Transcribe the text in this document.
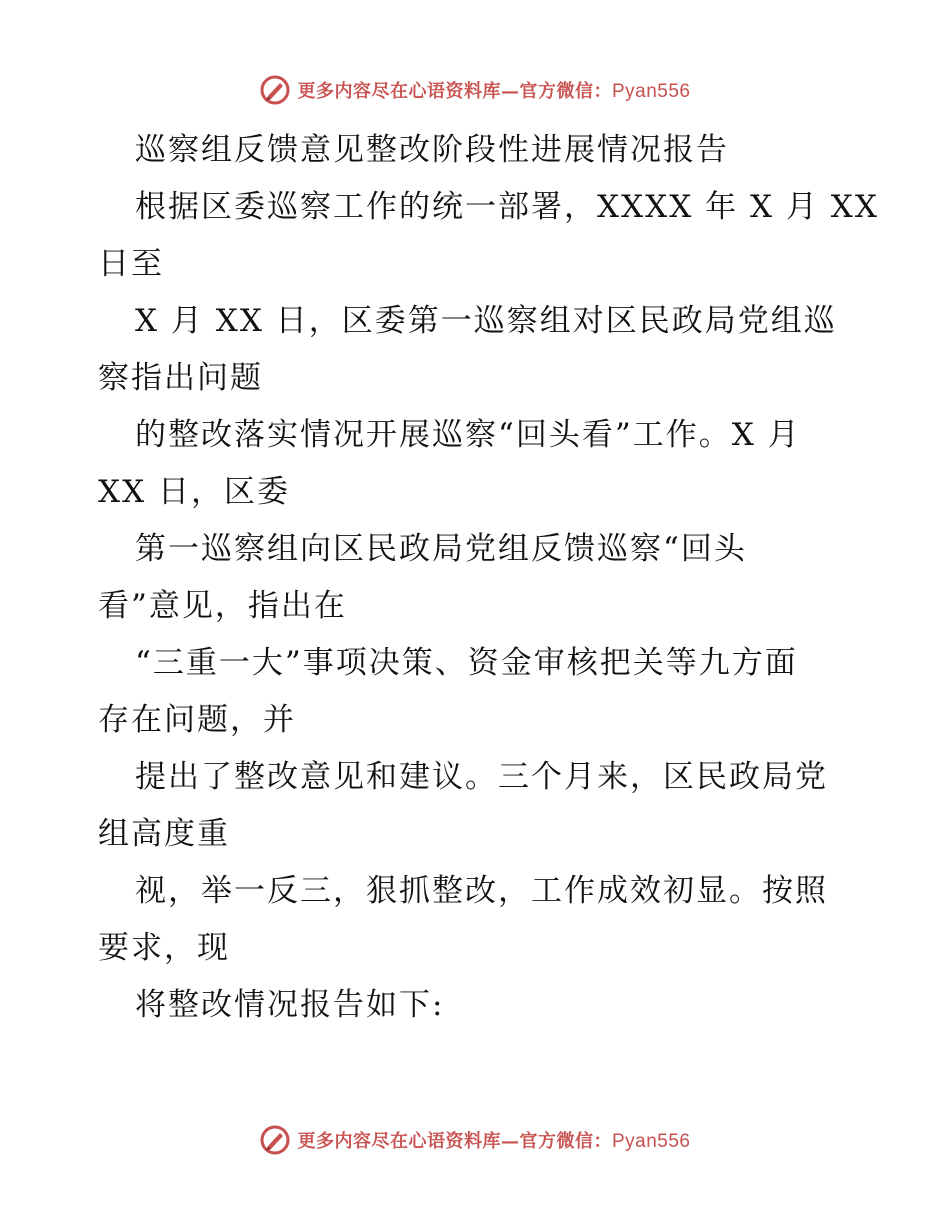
更多内容尽在心语资料库—官方微信：Pyan556
巡察组反馈意见整改阶段性进展情况报告
根据区委巡察工作的统一部署，XXXX 年 X 月 XX
日至
X 月 XX 日，区委第一巡察组对区民政局党组巡
察指出问题
的整改落实情况开展巡察“回头看”工作。X 月
XX 日，区委
第一巡察组向区民政局党组反馈巡察“回头
看”意见，指出在
“三重一大”事项决策、资金审核把关等九方面
存在问题，并
提出了整改意见和建议。三个月来，区民政局党
组高度重
视，举一反三，狠抓整改，工作成效初显。按照
要求，现
将整改情况报告如下:
更多内容尽在心语资料库—官方微信：Pyan556
